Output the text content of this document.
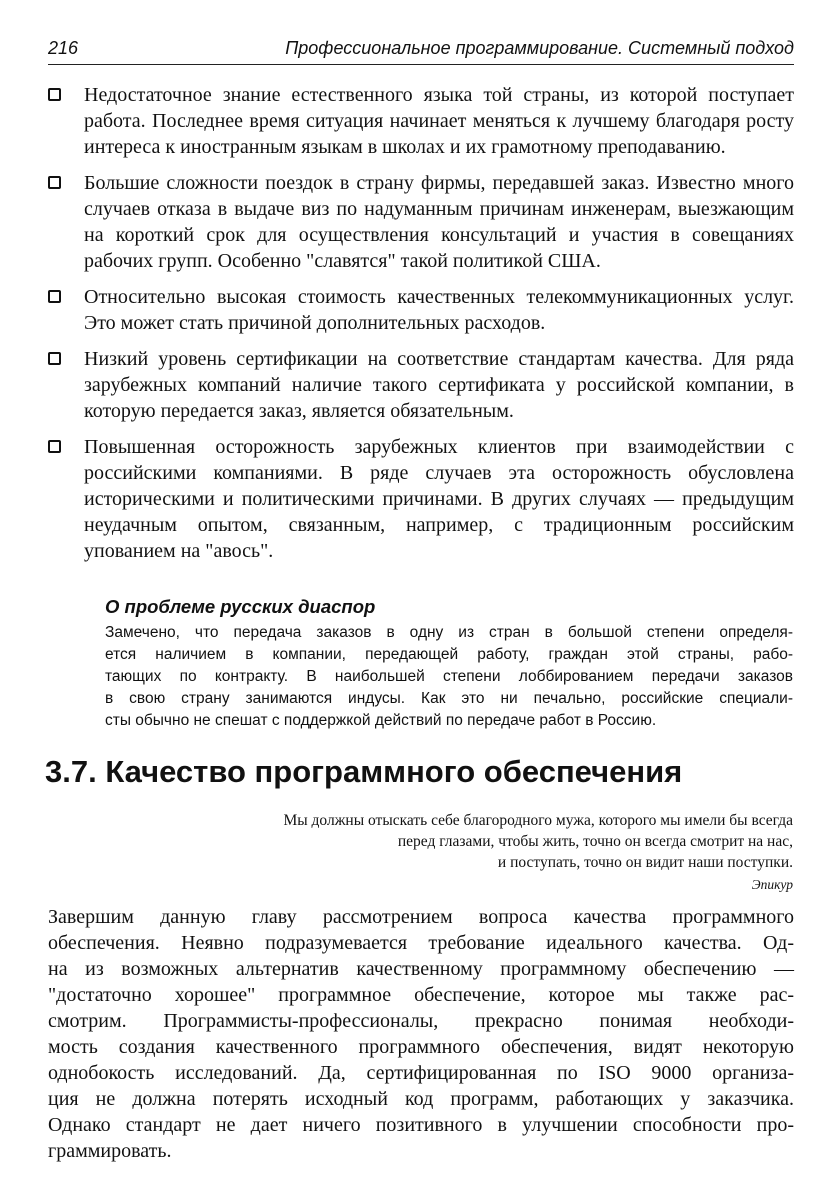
216	Профессиональное программирование. Системный подход
Недостаточное знание естественного языка той страны, из которой поступает работа. Последнее время ситуация начинает меняться к лучшему благодаря росту интереса к иностранным языкам в школах и их грамотному преподаванию.
Большие сложности поездок в страну фирмы, передавшей заказ. Известно много случаев отказа в выдаче виз по надуманным причинам инженерам, выезжающим на короткий срок для осуществления консультаций и участия в совещаниях рабочих групп. Особенно "славятся" такой политикой США.
Относительно высокая стоимость качественных телекоммуникационных услуг. Это может стать причиной дополнительных расходов.
Низкий уровень сертификации на соответствие стандартам качества. Для ряда зарубежных компаний наличие такого сертификата у российской компании, в которую передается заказ, является обязательным.
Повышенная осторожность зарубежных клиентов при взаимодействии с российскими компаниями. В ряде случаев эта осторожность обусловлена историческими и политическими причинами. В других случаях — предыдущим неудачным опытом, связанным, например, с традиционным российским упованием на "авось".
О проблеме русских диаспор
Замечено, что передача заказов в одну из стран в большой степени определя-
ется наличием в компании, передающей работу, граждан этой страны, рабо-
тающих по контракту. В наибольшей степени лоббированием передачи заказов
в свою страну занимаются индусы. Как это ни печально, российские специали-
сты обычно не спешат с поддержкой действий по передаче работ в Россию.
3.7. Качество программного обеспечения
Мы должны отыскать себе благородного мужа, которого мы имели бы всегда
перед глазами, чтобы жить, точно он всегда смотрит на нас,
и поступать, точно он видит наши поступки.
Эпикур
Завершим данную главу рассмотрением вопроса качества программного
обеспечения. Неявно подразумевается требование идеального качества. Од-
на из возможных альтернатив качественному программному обеспечению —
"достаточно хорошее" программное обеспечение, которое мы также рас-
смотрим. Программисты-профессионалы, прекрасно понимая необходи-
мость создания качественного программного обеспечения, видят некоторую
однобокость исследований. Да, сертифицированная по ISO 9000 организа-
ция не должна потерять исходный код программ, работающих у заказчика.
Однако стандарт не дает ничего позитивного в улучшении способности про-
граммировать.
